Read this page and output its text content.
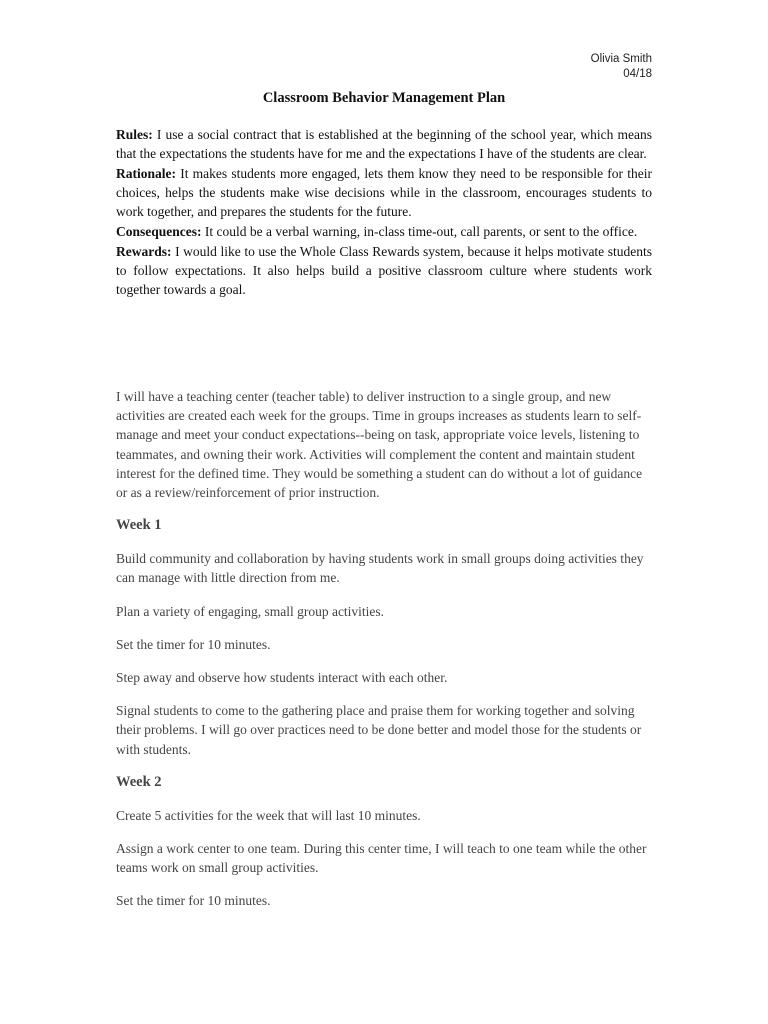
Olivia Smith
04/18
Classroom Behavior Management Plan

Rules: I use a social contract that is established at the beginning of the school year, which means that the expectations the students have for me and the expectations I have of the students are clear.

Rationale: It makes students more engaged, lets them know they need to be responsible for their choices, helps the students make wise decisions while in the classroom, encourages students to work together, and prepares the students for the future.

Consequences: It could be a verbal warning, in-class time-out, call parents, or sent to the office.

Rewards: I would like to use the Whole Class Rewards system, because it helps motivate students to follow expectations. It also helps build a positive classroom culture where students work together towards a goal.

I will have a teaching center (teacher table) to deliver instruction to a single group, and new activities are created each week for the groups. Time in groups increases as students learn to self-manage and meet your conduct expectations--being on task, appropriate voice levels, listening to teammates, and owning their work. Activities will complement the content and maintain student interest for the defined time. They would be something a student can do without a lot of guidance or as a review/reinforcement of prior instruction.

Week 1

Build community and collaboration by having students work in small groups doing activities they can manage with little direction from me.

Plan a variety of engaging, small group activities.

Set the timer for 10 minutes.

Step away and observe how students interact with each other.

Signal students to come to the gathering place and praise them for working together and solving their problems. I will go over practices need to be done better and model those for the students or with students.

Week 2

Create 5 activities for the week that will last 10 minutes.

Assign a work center to one team. During this center time, I will teach to one team while the other teams work on small group activities.

Set the timer for 10 minutes.
